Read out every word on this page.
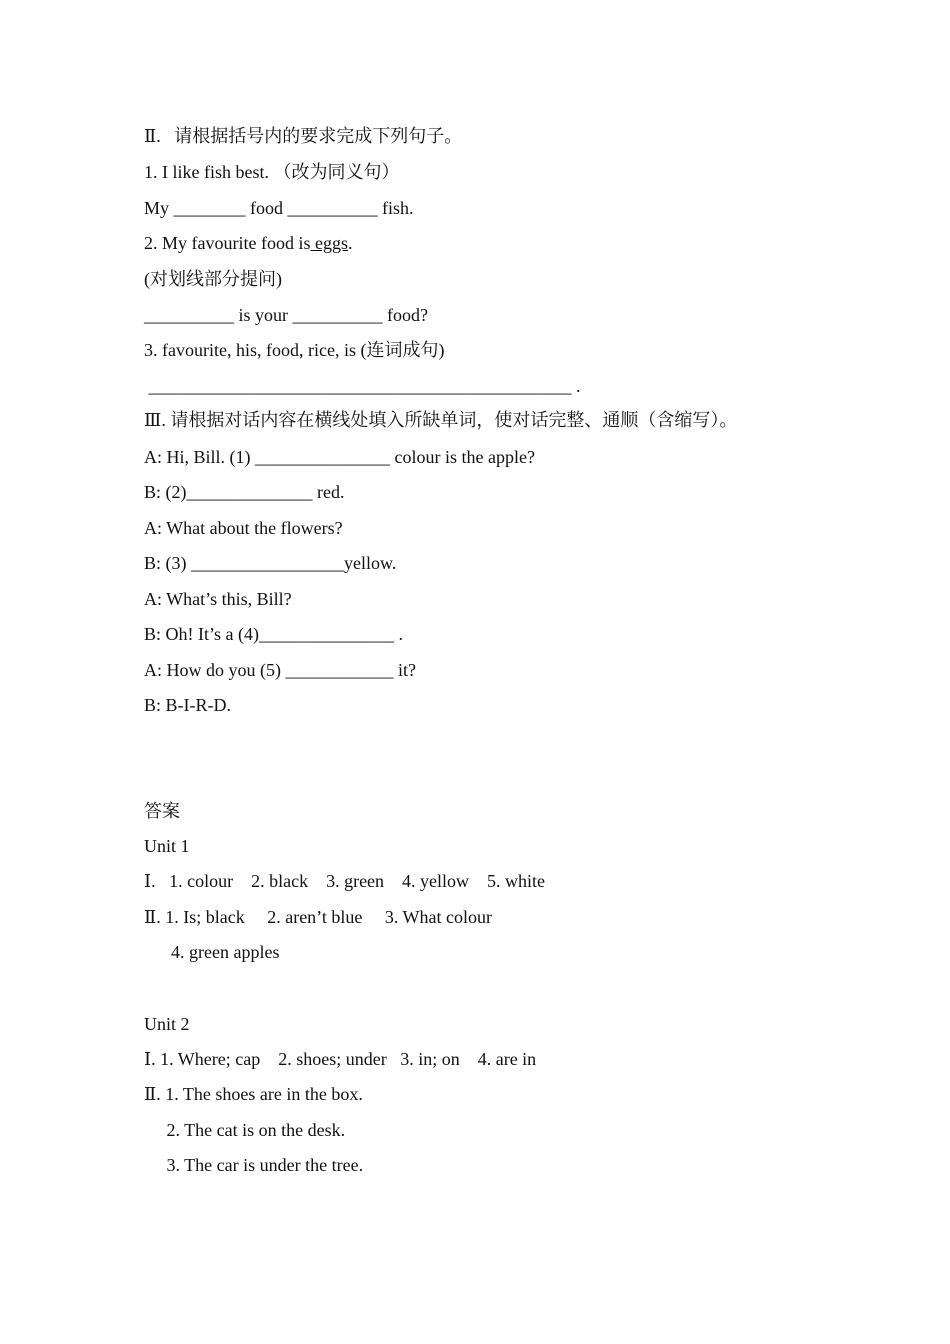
Ⅱ.   请根据括号内的要求完成下列句子。
1. I like fish best. （改为同义句）
My ________ food __________ fish.
2. My favourite food is eggs.
(对划线部分提问)
__________ is your __________ food?
3. favourite, his, food, rice, is (连词成句)
_______________________________________________ .
Ⅲ. 请根据对话内容在横线处填入所缺单词，使对话完整、通顺（含缩写）。
A: Hi, Bill. (1) _______________ colour is the apple?
B: (2)______________ red.
A: What about the flowers?
B: (3) _________________yellow.
A: What’s this, Bill?
B: Oh! It’s a (4)_______________ .
A: How do you (5) ____________ it?
B: B-I-R-D.
答案
Unit 1
Ⅰ.   1. colour    2. black    3. green    4. yellow    5. white
Ⅱ. 1. Is; black     2. aren’t blue     3. What colour
4. green apples
Unit 2
Ⅰ. 1. Where; cap    2. shoes; under   3. in; on    4. are in
Ⅱ. 1. The shoes are in the box.
2. The cat is on the desk.
3. The car is under the tree.
